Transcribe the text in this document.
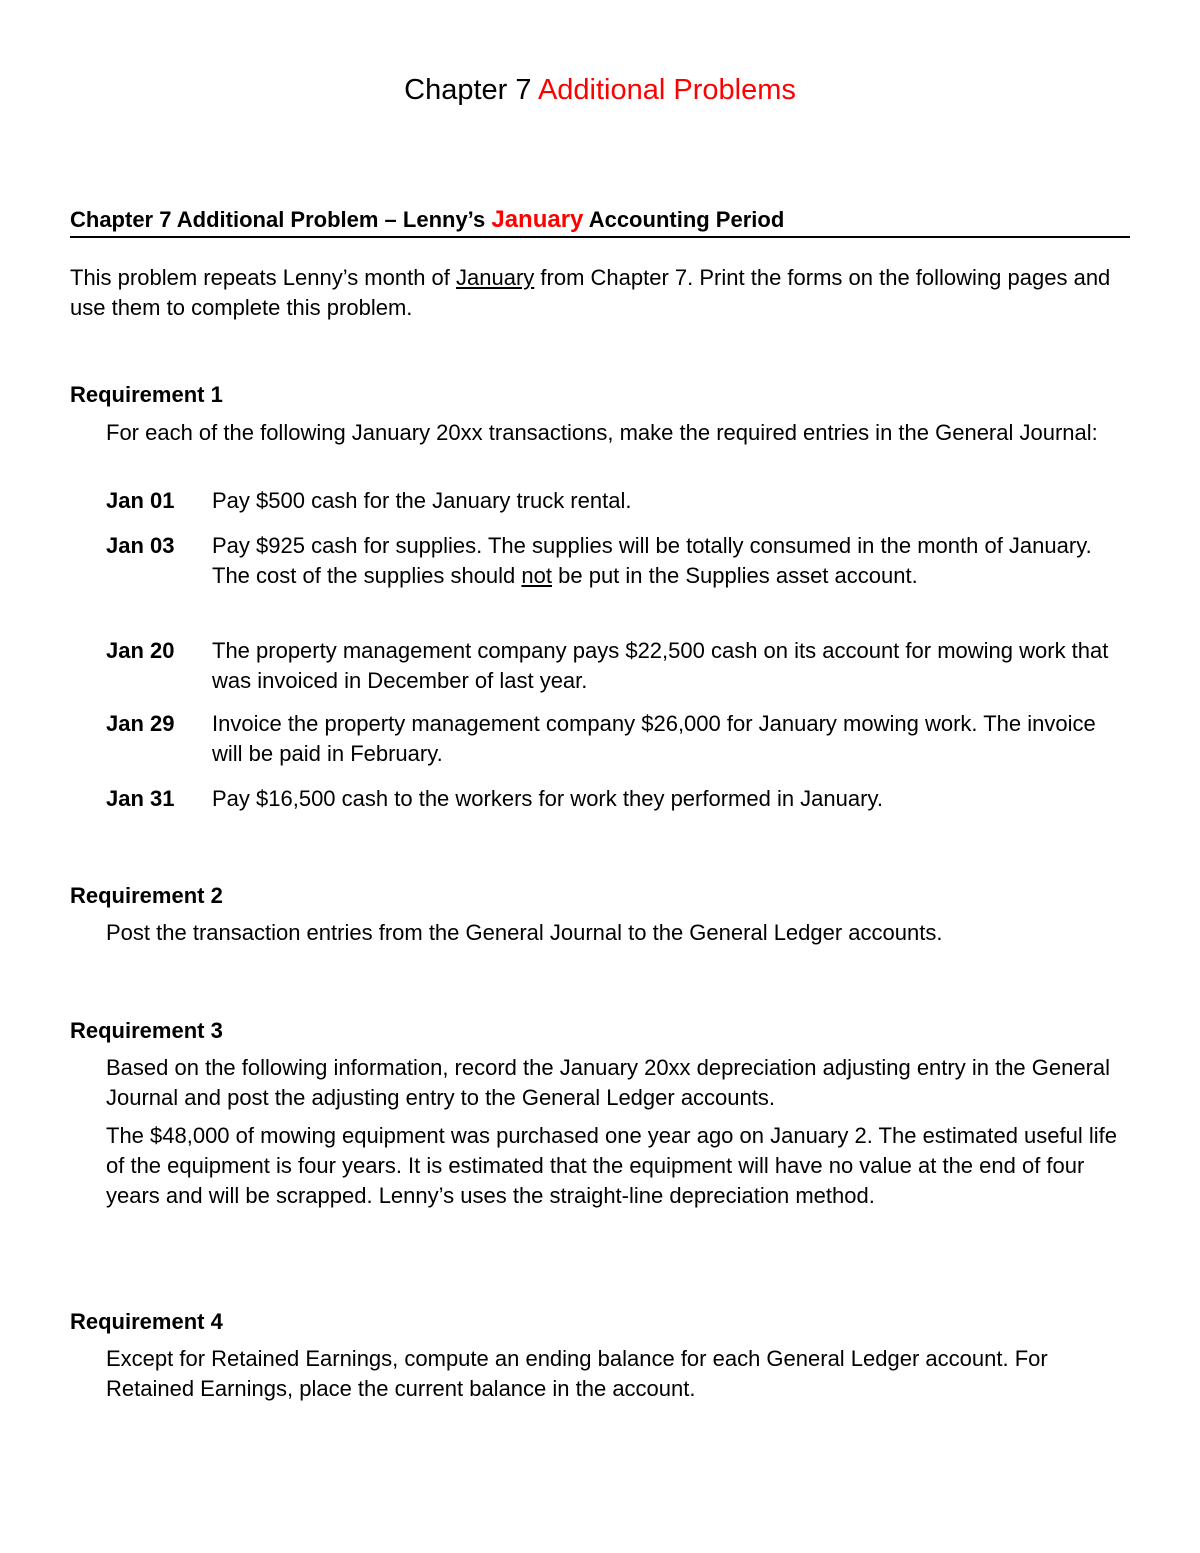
Chapter 7 Additional Problems
Chapter 7 Additional Problem – Lenny’s January Accounting Period
This problem repeats Lenny’s month of January from Chapter 7. Print the forms on the following pages and use them to complete this problem.
Requirement 1

For each of the following January 20xx transactions, make the required entries in the General Journal:

Jan 01 Pay $500 cash for the January truck rental.
Jan 03 Pay $925 cash for supplies. The supplies will be totally consumed in the month of January. The cost of the supplies should not be put in the Supplies asset account.
Jan 20 The property management company pays $22,500 cash on its account for mowing work that was invoiced in December of last year.
Jan 29 Invoice the property management company $26,000 for January mowing work. The invoice will be paid in February.
Jan 31 Pay $16,500 cash to the workers for work they performed in January.
Requirement 2

Post the transaction entries from the General Journal to the General Ledger accounts.

Requirement 3

Based on the following information, record the January 20xx depreciation adjusting entry in the General Journal and post the adjusting entry to the General Ledger accounts.

The $48,000 of mowing equipment was purchased one year ago on January 2. The estimated useful life of the equipment is four years. It is estimated that the equipment will have no value at the end of four years and will be scrapped. Lenny’s uses the straight-line depreciation method.

Requirement 4

Except for Retained Earnings, compute an ending balance for each General Ledger account. For Retained Earnings, place the current balance in the account.
